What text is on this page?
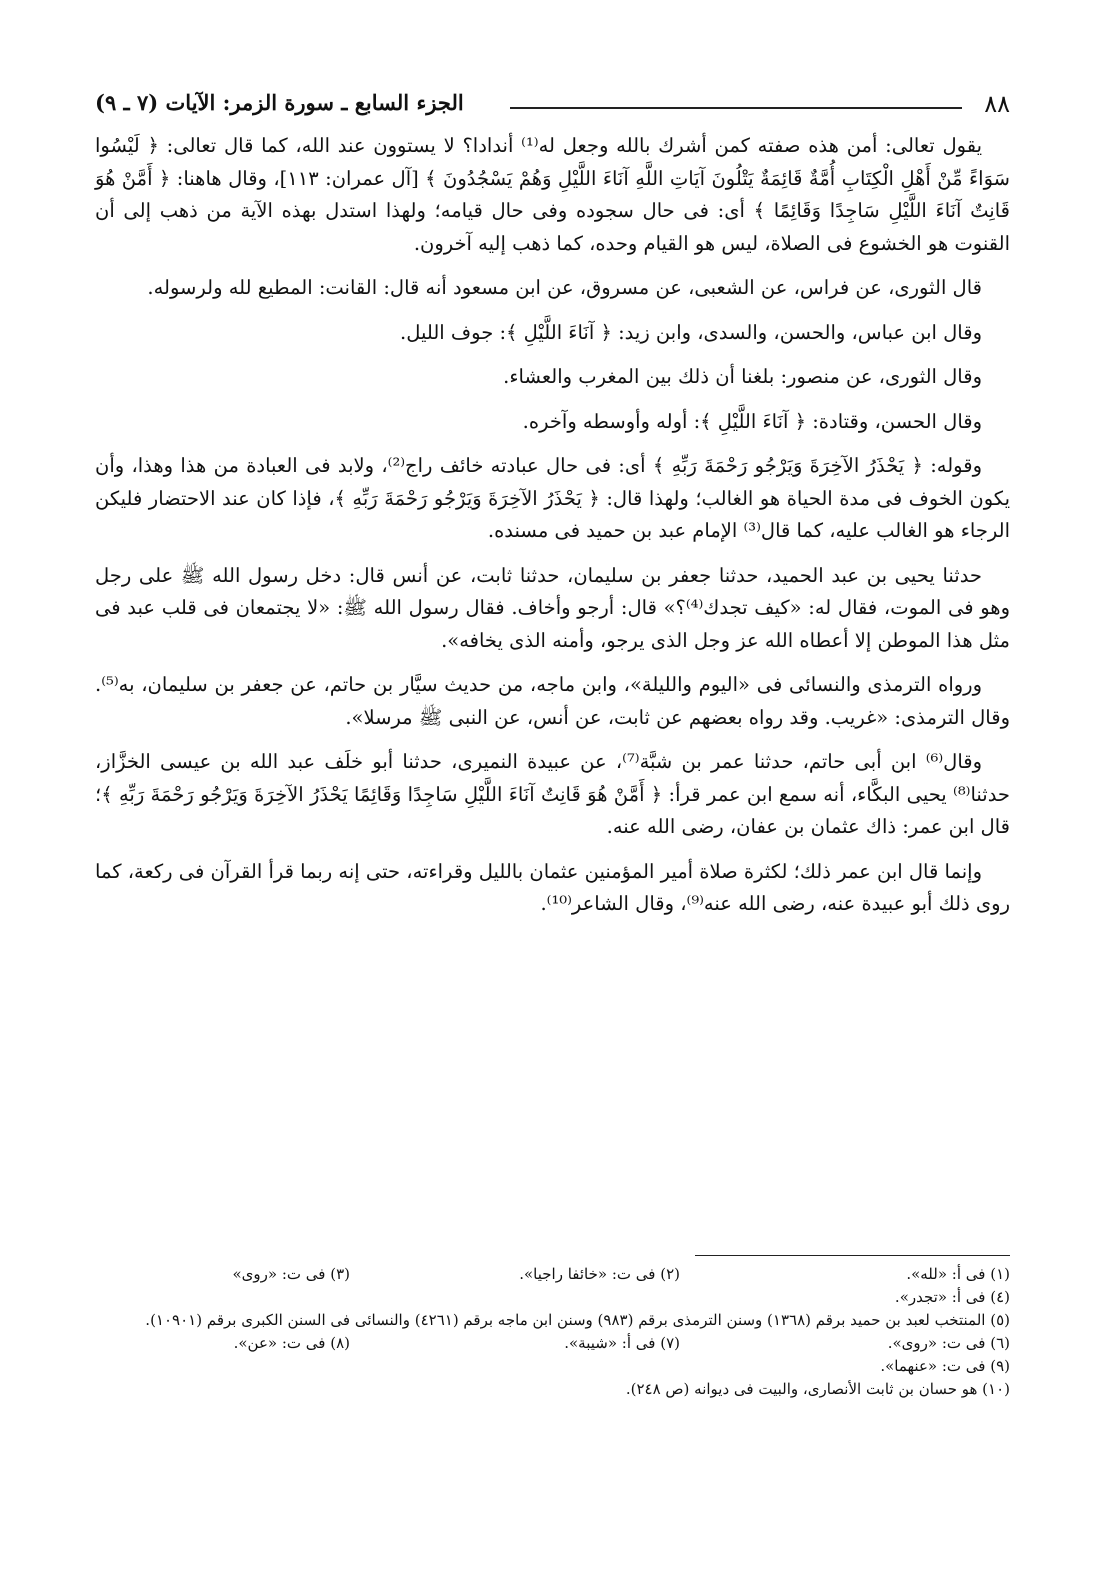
٨٨
الجزء السابع ـ سورة الزمر: الآيات (٧ ـ ٩)

يقول تعالى: أمن هذه صفته كمن أشرك بالله وجعل له⁽¹⁾ أندادا؟ لا يستوون عند الله، كما قال تعالى: ﴿ لَيْسُوا سَوَاءً مِّنْ أَهْلِ الْكِتَابِ أُمَّةٌ قَائِمَةٌ يَتْلُونَ آيَاتِ اللَّهِ آنَاءَ اللَّيْلِ وَهُمْ يَسْجُدُونَ ﴾ [آل عمران: ١١٣]، وقال هاهنا: ﴿ أَمَّنْ هُوَ قَانِتٌ آنَاءَ اللَّيْلِ سَاجِدًا وَقَائِمًا ﴾ أى: فى حال سجوده وفى حال قيامه؛ ولهذا استدل بهذه الآية من ذهب إلى أن القنوت هو الخشوع فى الصلاة، ليس هو القيام وحده، كما ذهب إليه آخرون.

قال الثورى، عن فراس، عن الشعبى، عن مسروق، عن ابن مسعود أنه قال: القانت: المطيع لله ولرسوله.

وقال ابن عباس، والحسن، والسدى، وابن زيد: ﴿ آنَاءَ اللَّيْلِ ﴾: جوف الليل.

وقال الثورى، عن منصور: بلغنا أن ذلك بين المغرب والعشاء.

وقال الحسن، وقتادة: ﴿ آنَاءَ اللَّيْلِ ﴾: أوله وأوسطه وآخره.

وقوله: ﴿ يَحْذَرُ الآخِرَةَ وَيَرْجُو رَحْمَةَ رَبِّهِ ﴾ أى: فى حال عبادته خائف راج⁽²⁾، ولابد فى العبادة من هذا وهذا، وأن يكون الخوف فى مدة الحياة هو الغالب؛ ولهذا قال: ﴿ يَحْذَرُ الآخِرَةَ وَيَرْجُو رَحْمَةَ رَبِّهِ ﴾، فإذا كان عند الاحتضار فليكن الرجاء هو الغالب عليه، كما قال⁽³⁾ الإمام عبد بن حميد فى مسنده.

حدثنا يحيى بن عبد الحميد، حدثنا جعفر بن سليمان، حدثنا ثابت، عن أنس قال: دخل رسول الله ﷺ على رجل وهو فى الموت، فقال له: «كيف تجدك⁽⁴⁾؟» قال: أرجو وأخاف. فقال رسول الله ﷺ: «لا يجتمعان فى قلب عبد فى مثل هذا الموطن إلا أعطاه الله عز وجل الذى يرجو، وأمنه الذى يخافه».

ورواه الترمذى والنسائى فى «اليوم والليلة»، وابن ماجه، من حديث سيَّار بن حاتم، عن جعفر بن سليمان، به⁽⁵⁾. وقال الترمذى: «غريب. وقد رواه بعضهم عن ثابت، عن أنس، عن النبى ﷺ مرسلا».

وقال⁽⁶⁾ ابن أبى حاتم، حدثنا عمر بن شبَّة⁽⁷⁾، عن عبيدة النميرى، حدثنا أبو خلَف عبد الله بن عيسى الخزَّاز، حدثنا⁽⁸⁾ يحيى البكَّاء، أنه سمع ابن عمر قرأ: ﴿ أَمَّنْ هُوَ قَانِتٌ آنَاءَ اللَّيْلِ سَاجِدًا وَقَائِمًا يَحْذَرُ الآخِرَةَ وَيَرْجُو رَحْمَةَ رَبِّهِ ﴾؛ قال ابن عمر: ذاك عثمان بن عفان، رضى الله عنه.

وإنما قال ابن عمر ذلك؛ لكثرة صلاة أمير المؤمنين عثمان بالليل وقراءته، حتى إنه ربما قرأ القرآن فى ركعة، كما روى ذلك أبو عبيدة عنه، رضى الله عنه⁽⁹⁾، وقال الشاعر⁽¹⁰⁾.

(١) فى أ: «لله».
(٢) فى ت: «خائفا راجيا».
(٣) فى ت: «روى»
(٤) فى أ: «تجدر».
(٥) المنتخب لعبد بن حميد برقم (١٣٦٨) وسنن الترمذى برقم (٩٨٣) وسنن ابن ماجه برقم (٤٢٦١) والنسائى فى السنن الكبرى برقم (١٠٩٠١).
(٦) فى ت: «روى».
(٧) فى أ: «شيبة».
(٨) فى ت: «عن».
(٩) فى ت: «عنهما».
(١٠) هو حسان بن ثابت الأنصارى، والبيت فى ديوانه (ص ٢٤٨).
